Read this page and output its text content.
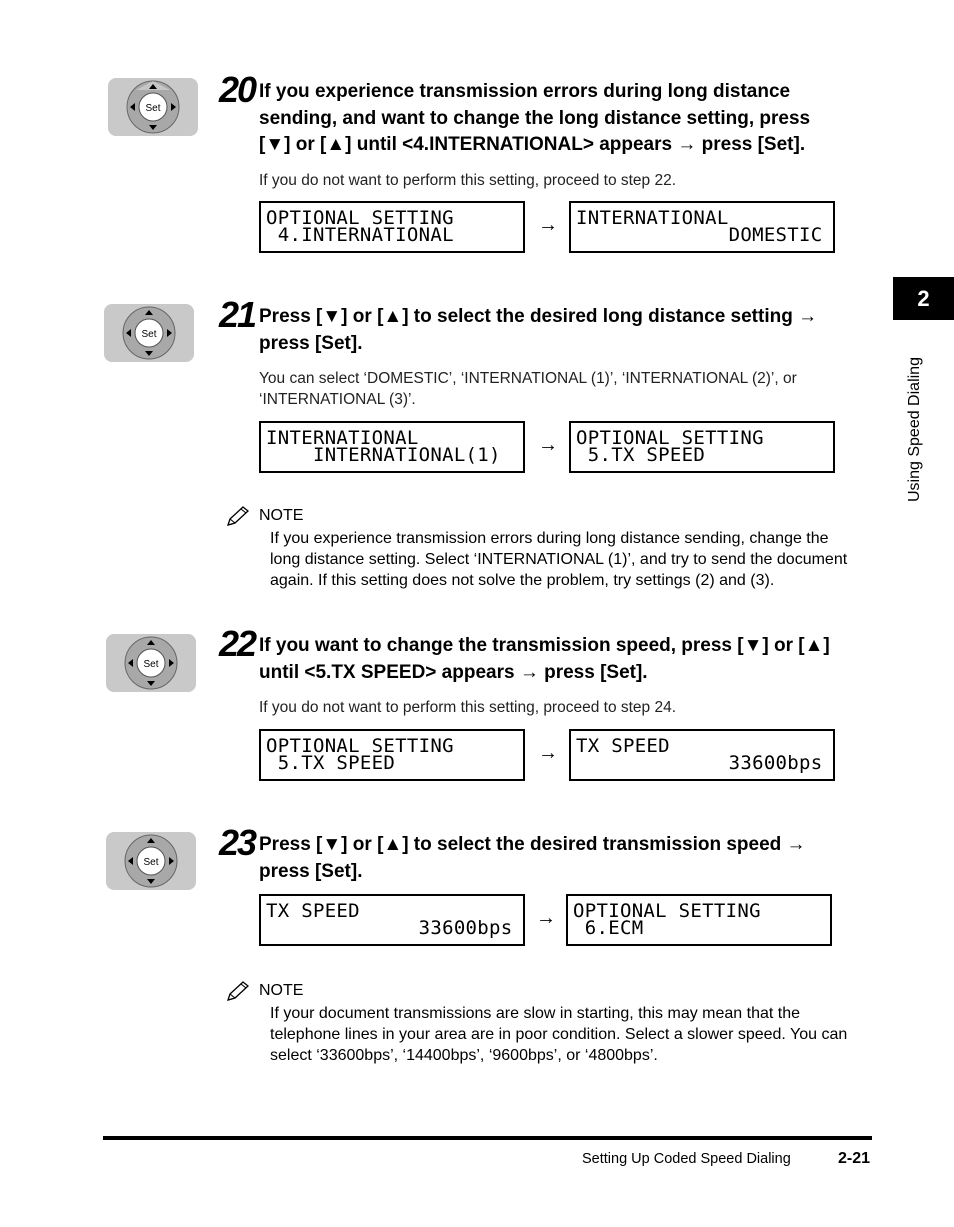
Set 20 If you experience transmission errors during long distance
sending, and want to change the long distance setting, press
[▼] or [▲] until <4.INTERNATIONAL> appears → press [Set].
If you do not want to perform this setting, proceed to step 22.
OPTIONAL SETTING
4.INTERNATIONAL	→ INTERNATIONAL
DOMESTIC
Set 21 Press [▼] or [▲] to select the desired long distance setting →
press [Set].
You can select ‘DOMESTIC’, ‘INTERNATIONAL (1)’, ‘INTERNATIONAL (2)’, or
‘INTERNATIONAL (3)’.
INTERNATIONAL
INTERNATIONAL(1) → OPTIONAL SETTING
5.TX SPEED
NOTE
If you experience transmission errors during long distance sending, change the
long distance setting. Select ‘INTERNATIONAL (1)’, and try to send the document
again. If this setting does not solve the problem, try settings (2) and (3).
Set
22 If you want to change the transmission speed, press [▼] or [▲]
until <5.TX SPEED> appears → press [Set].
If you do not want to perform this setting, proceed to step 24.
OPTIONAL SETTING
5.TX SPEED	→ TX SPEED
33600bps
Set 23 Press [▼] or [▲] to select the desired transmission speed →
press [Set].
TX SPEED
33600bps → OPTIONAL SETTING
6.ECM
NOTE
If your document transmissions are slow in starting, this may mean that the
telephone lines in your area are in poor condition. Select a slower speed. You can
select ‘33600bps’, ‘14400bps’, ‘9600bps’, or ‘4800bps’.
2
Using Speed Dialing
Setting Up Coded Speed Dialing	2-21
